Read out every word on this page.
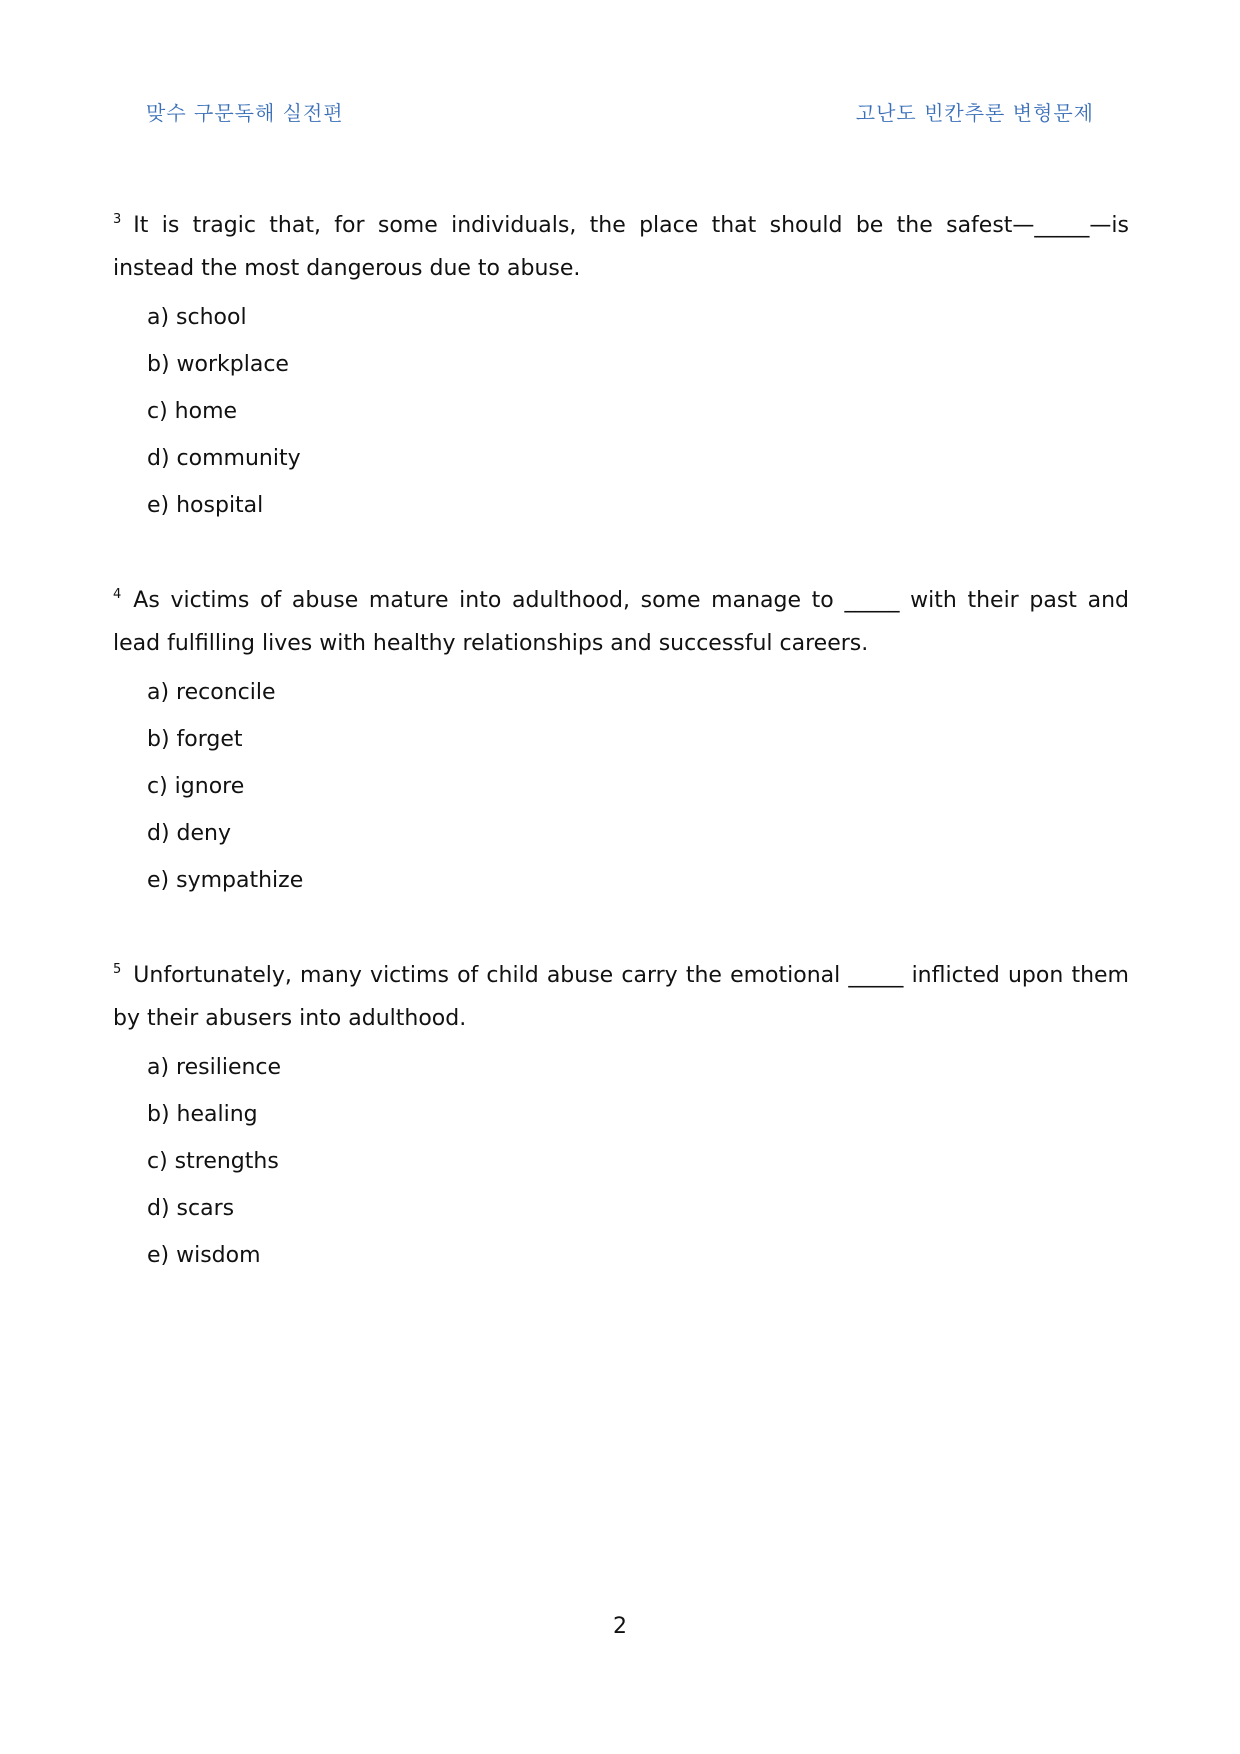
맞수 구문독해 실전편	고난도 빈칸추론 변형문제

$^3$ It is tragic that, for some individuals, the place that should be the safest—_____—is instead the most dangerous due to abuse.

a) school
b) workplace
c) home
d) community
e) hospital

$^4$ As victims of abuse mature into adulthood, some manage to _____ with their past and lead fulfilling lives with healthy relationships and successful careers.

a) reconcile
b) forget
c) ignore
d) deny
e) sympathize

$^5$ Unfortunately, many victims of child abuse carry the emotional _____ inflicted upon them by their abusers into adulthood.

a) resilience
b) healing
c) strengths
d) scars
e) wisdom
2
